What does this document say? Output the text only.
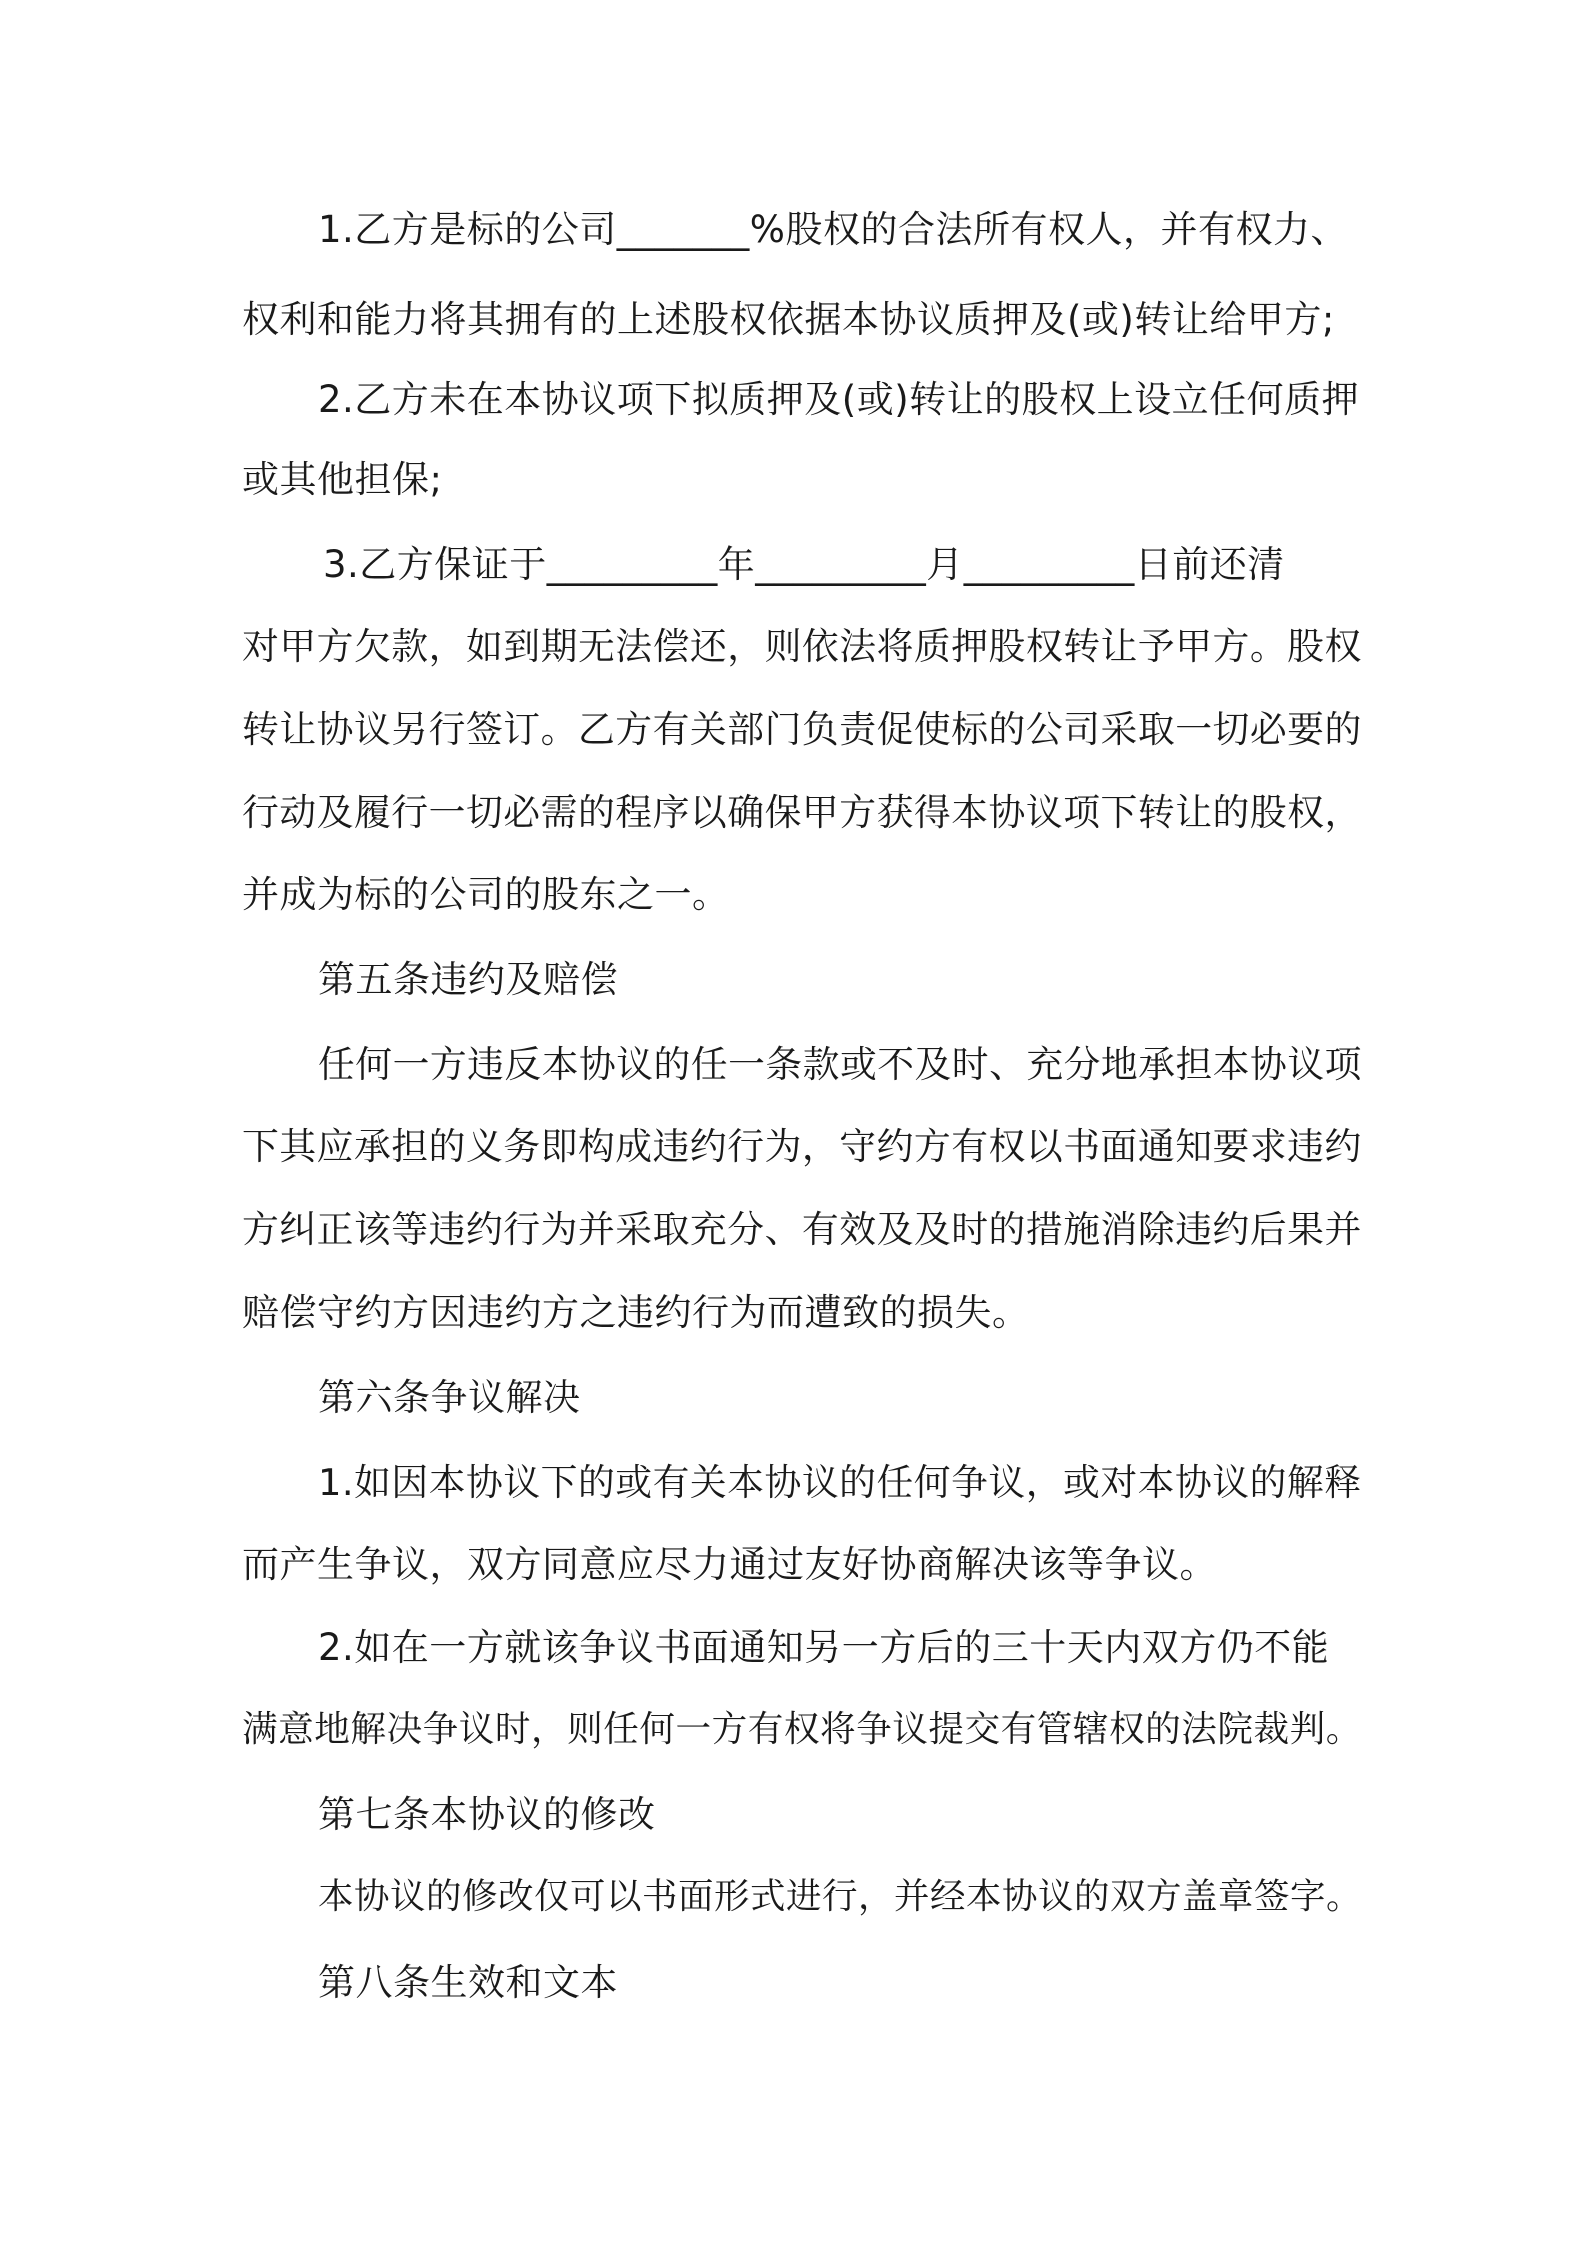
1.乙方是标的公司_______%股权的合法所有权人，并有权力、

权利和能力将其拥有的上述股权依据本协议质押及(或)转让给甲方;

2.乙方未在本协议项下拟质押及(或)转让的股权上设立任何质押

或其他担保;

3.乙方保证于_________年_________月_________日前还清

对甲方欠款，如到期无法偿还，则依法将质押股权转让予甲方。股权

转让协议另行签订。乙方有关部门负责促使标的公司采取一切必要的

行动及履行一切必需的程序以确保甲方获得本协议项下转让的股权，

并成为标的公司的股东之一。

第五条违约及赔偿

任何一方违反本协议的任一条款或不及时、充分地承担本协议项

下其应承担的义务即构成违约行为，守约方有权以书面通知要求违约

方纠正该等违约行为并采取充分、有效及及时的措施消除违约后果并

赔偿守约方因违约方之违约行为而遭致的损失。

第六条争议解决

1.如因本协议下的或有关本协议的任何争议，或对本协议的解释

而产生争议，双方同意应尽力通过友好协商解决该等争议。

2.如在一方就该争议书面通知另一方后的三十天内双方仍不能

满意地解决争议时，则任何一方有权将争议提交有管辖权的法院裁判。

第七条本协议的修改

本协议的修改仅可以书面形式进行，并经本协议的双方盖章签字。

第八条生效和文本
